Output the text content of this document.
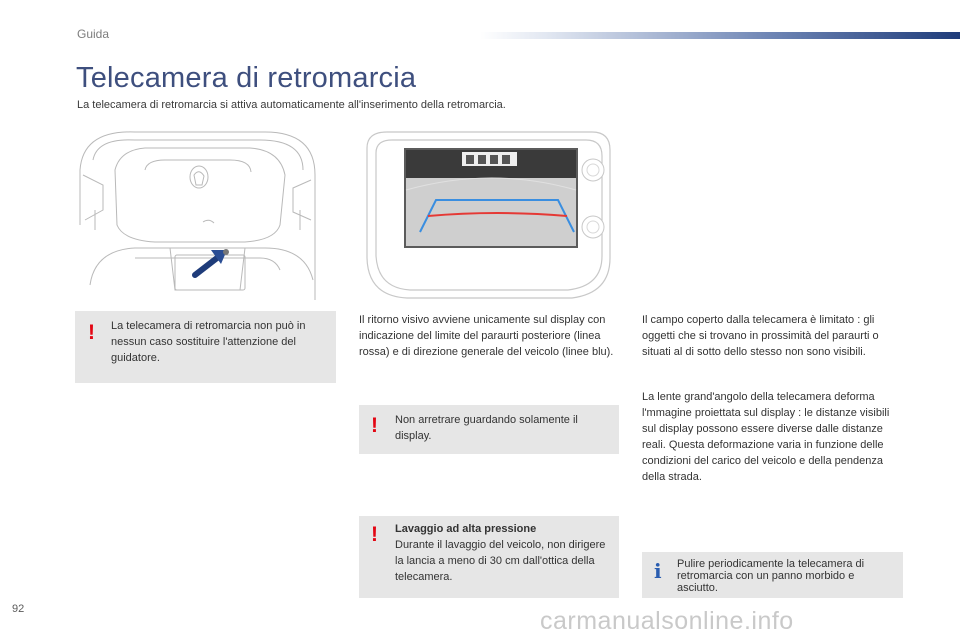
Guida
Telecamera di retromarcia

La telecamera di retromarcia si attiva automaticamente all'inserimento della retromarcia.

! La telecamera di retromarcia non può in nessun caso sostituire l'attenzione del guidatore.

Il ritorno visivo avviene unicamente sul display con indicazione del limite del paraurti posteriore (linea rossa) e di direzione generale del veicolo (linee blu).

! Non arretrare guardando solamente il display.
! Lavaggio ad alta pressione
Durante il lavaggio del veicolo, non dirigere la lancia a meno di 30 cm dall'ottica della telecamera.

Il campo coperto dalla telecamera è limitato : gli oggetti che si trovano in prossimità del paraurti o situati al di sotto dello stesso non sono visibili.

La lente grand'angolo della telecamera deforma l'mmagine proiettata sul display : le distanze visibili sul display possono essere diverse dalle distanze reali. Questa deformazione varia in funzione delle condizioni del carico del veicolo e della pendenza della strada.

i Pulire periodicamente la telecamera di retromarcia con un panno morbido e asciutto.
92	carmanualsonline.info
